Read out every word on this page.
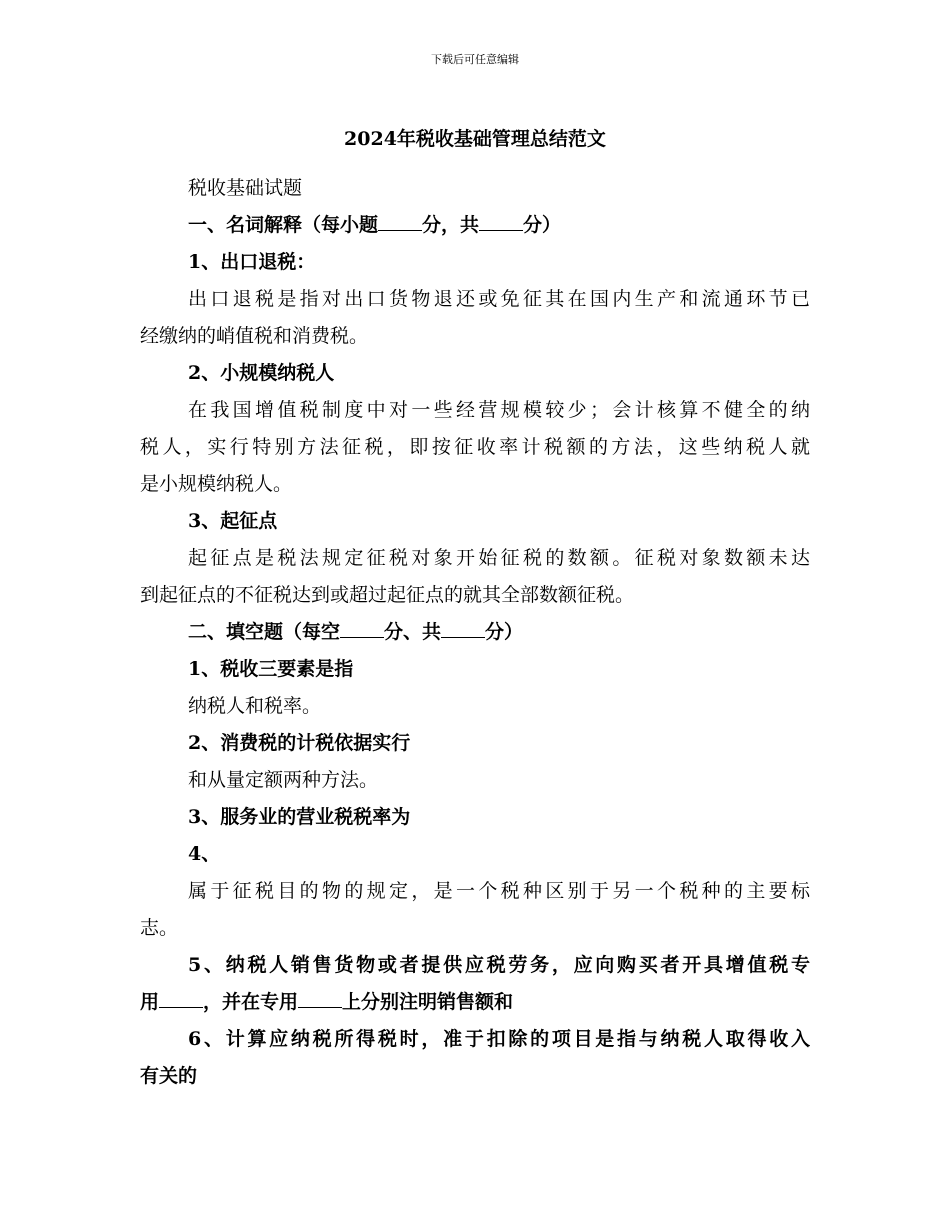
下载后可任意编辑
2024年税收基础管理总结范文

税收基础试题

一、名词解释（每小题 分，共 分）

1、出口退税：

出口退税是指对出口货物退还或免征其在国内生产和流通环节已

经缴纳的峭值税和消费税。

2、小规模纳税人

在我国增值税制度中对一些经营规模较少；会计核算不健全的纳

税人，实行特别方法征税，即按征收率计税额的方法，这些纳税人就

是小规模纳税人。

3、起征点

起征点是税法规定征税对象开始征税的数额。征税对象数额未达

到起征点的不征税达到或超过起征点的就其全部数额征税。

二、填空题（每空 分、共 分）

1、税收三要素是指

纳税人和税率。

2、消费税的计税依据实行

和从量定额两种方法。

3、服务业的营业税税率为

4、

属于征税目的物的规定，是一个税种区别于另一个税种的主要标

志。

5、纳税人销售货物或者提供应税劳务，应向购买者开具增值税专

用 ，并在专用 上分别注明销售额和

6、计算应纳税所得税时，准于扣除的项目是指与纳税人取得收入

有关的
